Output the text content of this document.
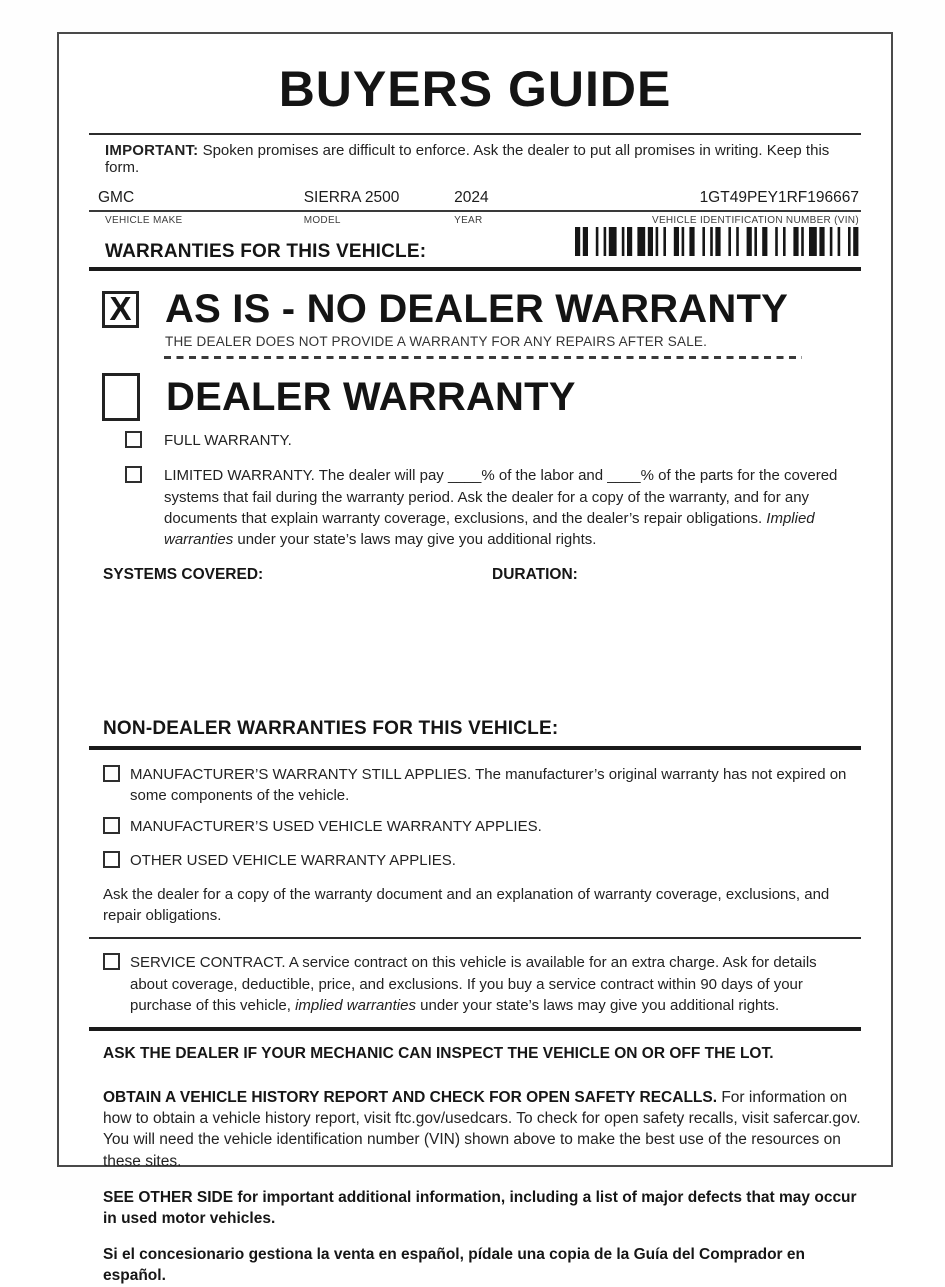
BUYERS GUIDE

IMPORTANT: Spoken promises are difficult to enforce. Ask the dealer to put all promises in writing. Keep this form.

GMC	SIERRA 2500	2024	1GT49PEY1RF196667
VEHICLE MAKE	MODEL	YEAR	VEHICLE IDENTIFICATION NUMBER (VIN)
WARRANTIES FOR THIS VEHICLE:
X AS IS - NO DEALER WARRANTY

THE DEALER DOES NOT PROVIDE A WARRANTY FOR ANY REPAIRS AFTER SALE.

DEALER WARRANTY
FULL WARRANTY.
LIMITED WARRANTY. The dealer will pay ____% of the labor and ____% of the parts for the covered systems that fail during the warranty period. Ask the dealer for a copy of the warranty, and for any documents that explain warranty coverage, exclusions, and the dealer’s repair obligations. Implied warranties under your state’s laws may give you additional rights.
SYSTEMS COVERED:	DURATION:
NON-DEALER WARRANTIES FOR THIS VEHICLE:
MANUFACTURER’S WARRANTY STILL APPLIES. The manufacturer’s original warranty has not expired on some components of the vehicle.
MANUFACTURER’S USED VEHICLE WARRANTY APPLIES.
OTHER USED VEHICLE WARRANTY APPLIES.

Ask the dealer for a copy of the warranty document and an explanation of warranty coverage, exclusions, and repair obligations.

SERVICE CONTRACT. A service contract on this vehicle is available for an extra charge. Ask for details about coverage, deductible, price, and exclusions. If you buy a service contract within 90 days of your purchase of this vehicle, implied warranties under your state’s laws may give you additional rights.

ASK THE DEALER IF YOUR MECHANIC CAN INSPECT THE VEHICLE ON OR OFF THE LOT.

OBTAIN A VEHICLE HISTORY REPORT AND CHECK FOR OPEN SAFETY RECALLS. For information on how to obtain a vehicle history report, visit ftc.gov/usedcars. To check for open safety recalls, visit safercar.gov. You will need the vehicle identification number (VIN) shown above to make the best use of the resources on these sites.

SEE OTHER SIDE for important additional information, including a list of major defects that may occur in used motor vehicles.

Si el concesionario gestiona la venta en español, pídale una copia de la Guía del Comprador en español.
